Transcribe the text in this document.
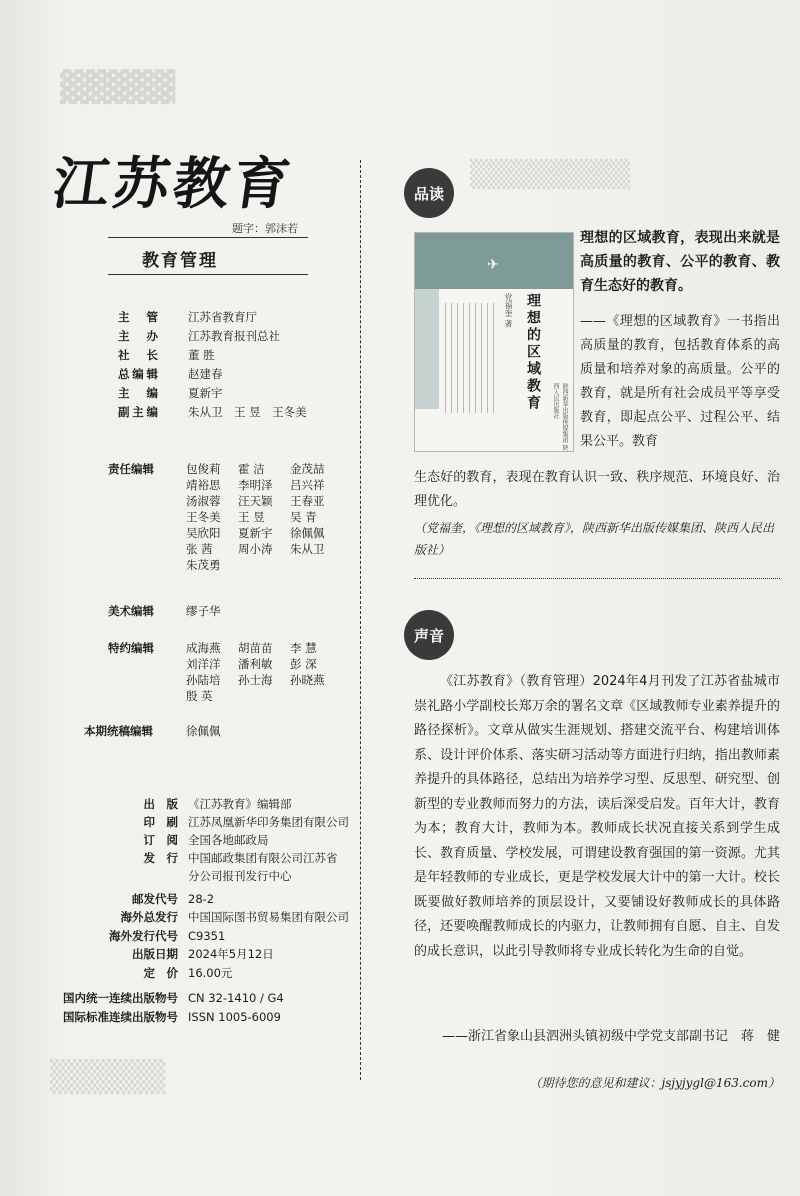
▓▓▓▓▓
▒▒▒▒▒▒▒▒
▒▒▒▒▒
江苏教育
题字：郭沫若
教育管理
主　管	江苏省教育厅
主　办	江苏教育报刊总社
社　长	董 胜
总编辑	赵建春
主　编	夏新宇
副主编	朱从卫　王 昱　王冬美
责任编辑	包俊莉	霍 洁	金茂喆
靖裕思	李明泽	吕兴祥
汤淑蓉	汪天颖	王春亚
王冬美	王 昱	吴 青
吴欣阳	夏新宇	徐佩佩
张 茜	周小涛	朱从卫
朱茂勇
美术编辑	缪子华
特约编辑	成海燕	胡苗苗	李 慧
刘洋洋	潘利敏	彭 深
孙陆培	孙士海	孙晓燕
殷 英
本期统稿编辑	徐佩佩
出　版 《江苏教育》编辑部
印　刷 江苏凤凰新华印务集团有限公司
订　阅 全国各地邮政局
发　行 中国邮政集团有限公司江苏省
分公司报刊发行中心
邮发代号 28-2
海外总发行 中国国际图书贸易集团有限公司
海外发行代号 C9351
出版日期 2024年5月12日
定　价 16.00元
国内统一连续出版物号 CN 32-1410 / G4
国际标准连续出版物号 ISSN 1005-6009
品读
✈
理想的区域教育
党福奎 著
陕西新华出版传媒集团 陕西人民出版社
理想的区域教育，表现出来就是高质量的教育、公平的教育、教育生态好的教育。
——《理想的区域教育》一书指出高质量的教育，包括教育体系的高质量和培养对象的高质量。公平的教育，就是所有社会成员平等享受教育，即起点公平、过程公平、结果公平。教育
生态好的教育，表现在教育认识一致、秩序规范、环境良好、治理优化。
（党福奎，《理想的区域教育》，陕西新华出版传媒集团、陕西人民出版社）
声音
《江苏教育》（教育管理）2024年4月刊发了江苏省盐城市崇礼路小学副校长郑万余的署名文章《区域教师专业素养提升的路径探析》。文章从做实生涯规划、搭建交流平台、构建培训体系、设计评价体系、落实研习活动等方面进行归纳，指出教师素养提升的具体路径，总结出为培养学习型、反思型、研究型、创新型的专业教师而努力的方法，读后深受启发。百年大计，教育为本；教育大计，教师为本。教师成长状况直接关系到学生成长、教育质量、学校发展，可谓建设教育强国的第一资源。尤其是年轻教师的专业成长，更是学校发展大计中的第一大计。校长既要做好教师培养的顶层设计，又要铺设好教师成长的具体路径，还要唤醒教师成长的内驱力，让教师拥有自愿、自主、自发的成长意识，以此引导教师将专业成长转化为生命的自觉。
——浙江省象山县泗洲头镇初级中学党支部副书记　蒋　健
（期待您的意见和建议：jsjyjygl@163.com）
